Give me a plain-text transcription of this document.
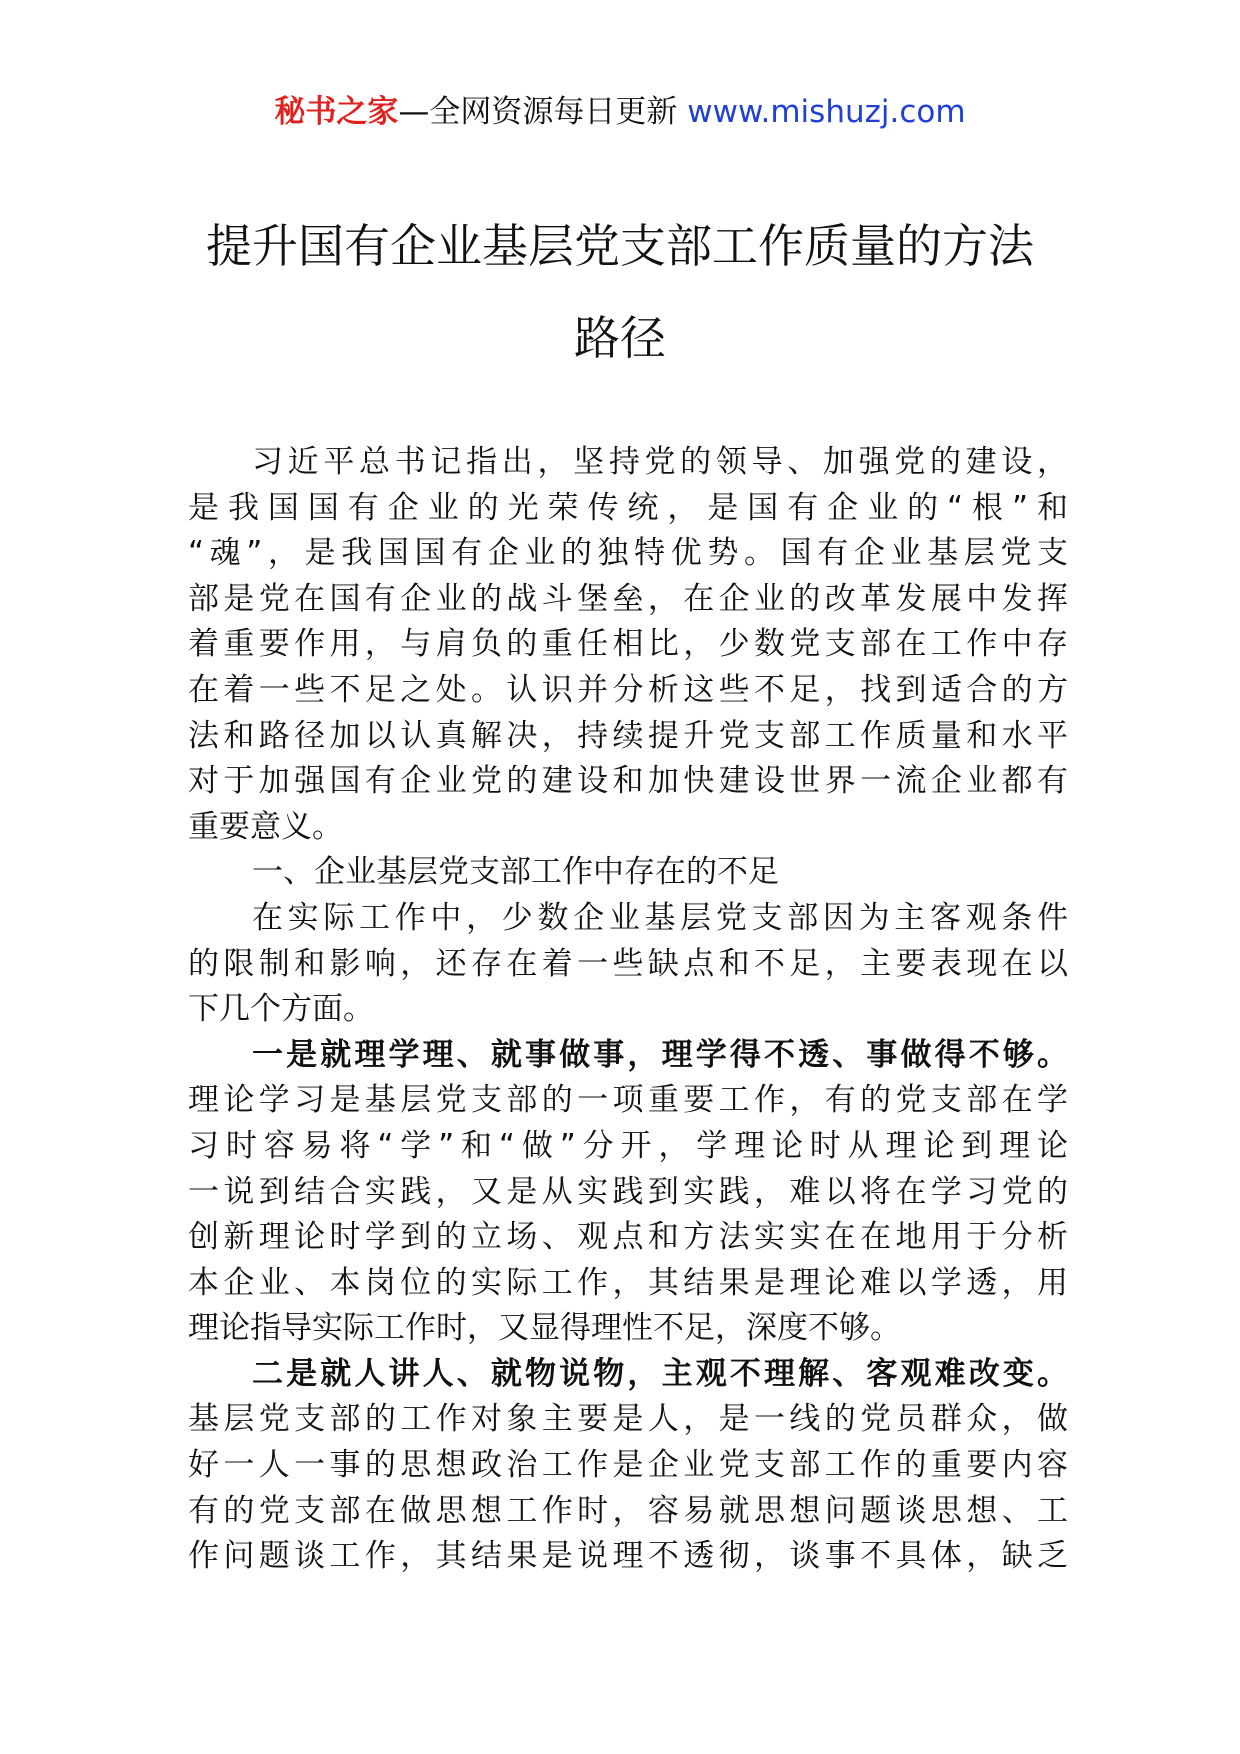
秘书之家—全网资源每日更新 www.mishuzj.com
提升国有企业基层党支部工作质量的方法
路径
习近平总书记指出，坚持党的领导、加强党的建设，
是我国国有企业的光荣传统，是国有企业的“根”和
“魂”，是我国国有企业的独特优势。国有企业基层党支
部是党在国有企业的战斗堡垒，在企业的改革发展中发挥
着重要作用，与肩负的重任相比，少数党支部在工作中存
在着一些不足之处。认识并分析这些不足，找到适合的方
法和路径加以认真解决，持续提升党支部工作质量和水平
对于加强国有企业党的建设和加快建设世界一流企业都有
重要意义。
一、企业基层党支部工作中存在的不足
在实际工作中，少数企业基层党支部因为主客观条件
的限制和影响，还存在着一些缺点和不足，主要表现在以
下几个方面。
一是就理学理、就事做事，理学得不透、事做得不够。
理论学习是基层党支部的一项重要工作，有的党支部在学
习时容易将“学”和“做”分开，学理论时从理论到理论
一说到结合实践，又是从实践到实践，难以将在学习党的
创新理论时学到的立场、观点和方法实实在在地用于分析
本企业、本岗位的实际工作，其结果是理论难以学透，用
理论指导实际工作时，又显得理性不足，深度不够。
二是就人讲人、就物说物，主观不理解、客观难改变。
基层党支部的工作对象主要是人，是一线的党员群众，做
好一人一事的思想政治工作是企业党支部工作的重要内容
有的党支部在做思想工作时，容易就思想问题谈思想、工
作问题谈工作，其结果是说理不透彻，谈事不具体，缺乏
